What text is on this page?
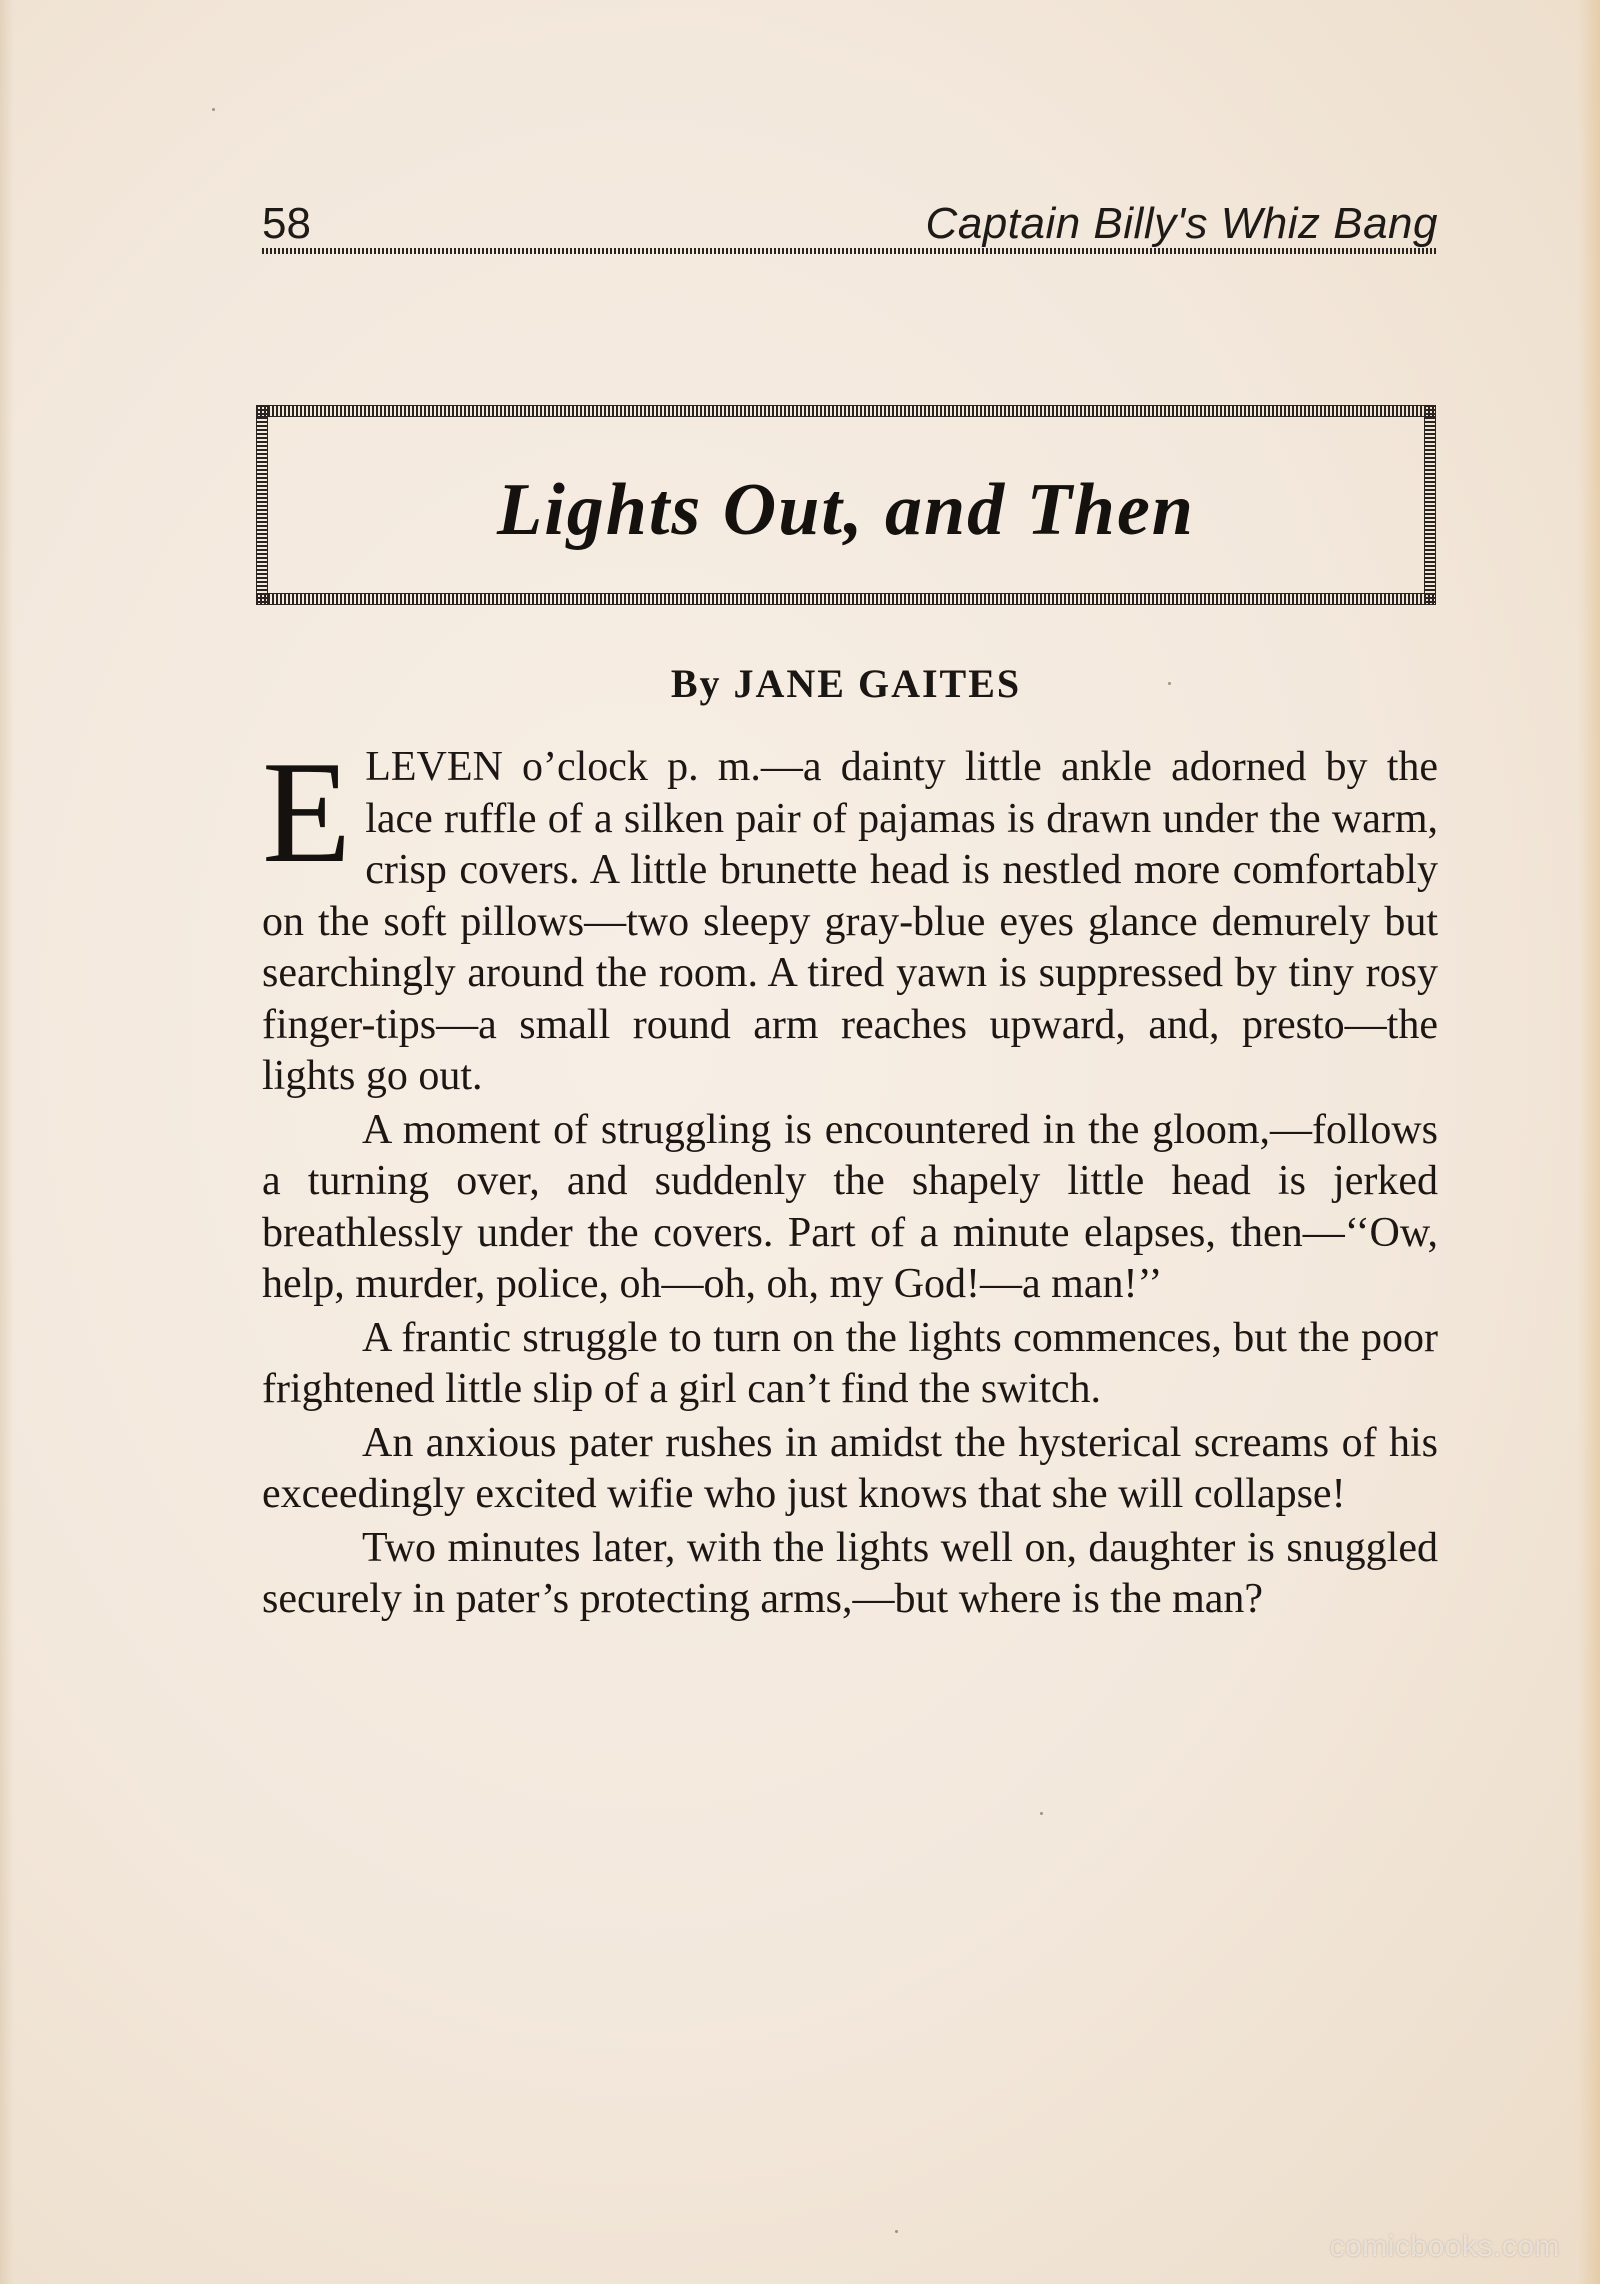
58	Captain Billy's Whiz Bang
Lights Out, and Then
By JANE GAITES

ELEVEN o’clock p. m.—a dainty little ankle adorned by the lace ruffle of a silken pair of pajamas is drawn under the warm, crisp covers. A little brunette head is nestled more comfortably on the soft pillows—two sleepy gray-blue eyes glance demurely but searchingly around the room. A tired yawn is suppressed by tiny rosy finger-tips—a small round arm reaches upward, and, presto—the lights go out.

A moment of struggling is encountered in the gloom,—follows a turning over, and suddenly the shapely little head is jerked breathlessly under the covers. Part of a minute elapses, then—‘‘Ow, help, murder, police, oh—oh, oh, my God!—a man!’’

A frantic struggle to turn on the lights commences, but the poor frightened little slip of a girl can’t find the switch.

An anxious pater rushes in amidst the hysterical screams of his exceedingly excited wifie who just knows that she will collapse!

Two minutes later, with the lights well on, daughter is snuggled securely in pater’s protecting arms,—but where is the man?

comicbooks.com
